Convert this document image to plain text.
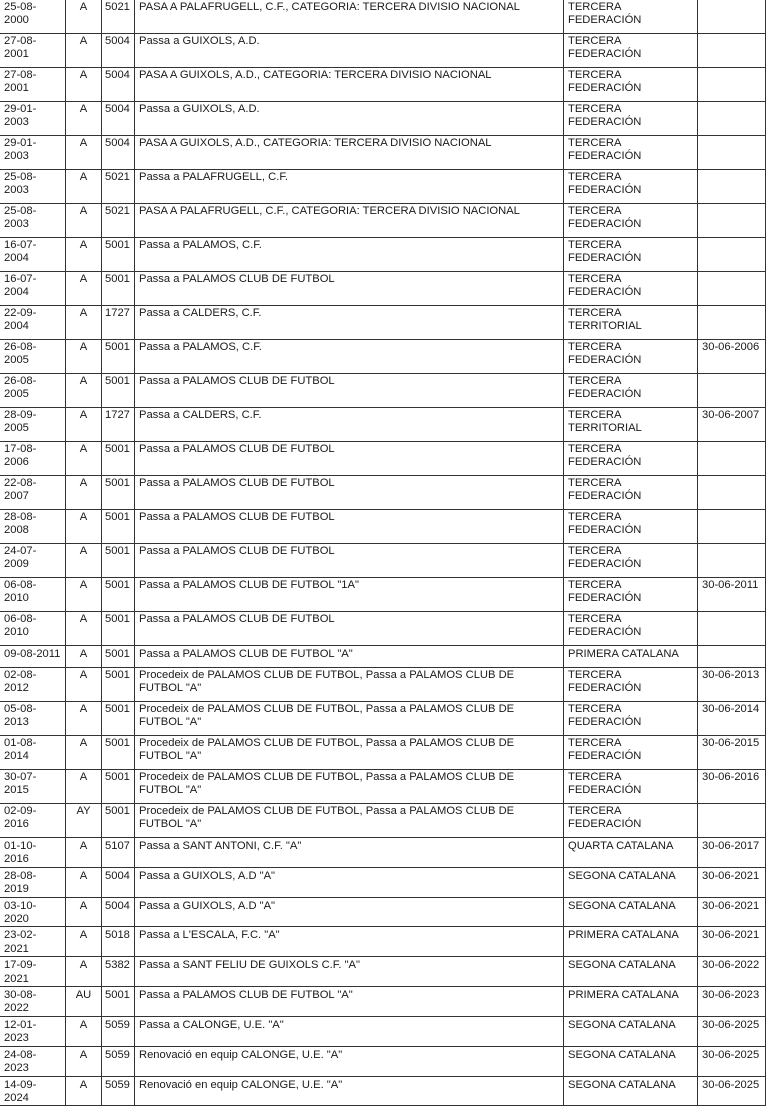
25-08-2000	A	5021	PASA A PALAFRUGELL, C.F., CATEGORIA: TERCERA DIVISIO NACIONAL	TERCERA FEDERACIÓN	
27-08-2001	A	5004	Passa a GUIXOLS, A.D.	TERCERA FEDERACIÓN	
27-08-2001	A	5004	PASA A GUIXOLS, A.D., CATEGORIA: TERCERA DIVISIO NACIONAL	TERCERA FEDERACIÓN	
29-01-2003	A	5004	Passa a GUIXOLS, A.D.	TERCERA FEDERACIÓN	
29-01-2003	A	5004	PASA A GUIXOLS, A.D., CATEGORIA: TERCERA DIVISIO NACIONAL	TERCERA FEDERACIÓN	
25-08-2003	A	5021	Passa a PALAFRUGELL, C.F.	TERCERA FEDERACIÓN	
25-08-2003	A	5021	PASA A PALAFRUGELL, C.F., CATEGORIA: TERCERA DIVISIO NACIONAL	TERCERA FEDERACIÓN	
16-07-2004	A	5001	Passa a PALAMOS, C.F.	TERCERA FEDERACIÓN	
16-07-2004	A	5001	Passa a PALAMOS CLUB DE FUTBOL	TERCERA FEDERACIÓN	
22-09-2004	A	1727	Passa a CALDERS, C.F.	TERCERA TERRITORIAL	
26-08-2005	A	5001	Passa a PALAMOS, C.F.	TERCERA FEDERACIÓN	30-06-2006
26-08-2005	A	5001	Passa a PALAMOS CLUB DE FUTBOL	TERCERA FEDERACIÓN	
28-09-2005	A	1727	Passa a CALDERS, C.F.	TERCERA TERRITORIAL	30-06-2007
17-08-2006	A	5001	Passa a PALAMOS CLUB DE FUTBOL	TERCERA FEDERACIÓN	
22-08-2007	A	5001	Passa a PALAMOS CLUB DE FUTBOL	TERCERA FEDERACIÓN	
28-08-2008	A	5001	Passa a PALAMOS CLUB DE FUTBOL	TERCERA FEDERACIÓN	
24-07-2009	A	5001	Passa a PALAMOS CLUB DE FUTBOL	TERCERA FEDERACIÓN	
06-08-2010	A	5001	Passa a PALAMOS CLUB DE FUTBOL "1A"	TERCERA FEDERACIÓN	30-06-2011
06-08-2010	A	5001	Passa a PALAMOS CLUB DE FUTBOL	TERCERA FEDERACIÓN	
09-08-2011	A	5001	Passa a PALAMOS CLUB DE FUTBOL "A"	PRIMERA CATALANA	
02-08-2012	A	5001	Procedeix de PALAMOS CLUB DE FUTBOL, Passa a PALAMOS CLUB DE FUTBOL "A"	TERCERA FEDERACIÓN	30-06-2013
05-08-2013	A	5001	Procedeix de PALAMOS CLUB DE FUTBOL, Passa a PALAMOS CLUB DE FUTBOL "A"	TERCERA FEDERACIÓN	30-06-2014
01-08-2014	A	5001	Procedeix de PALAMOS CLUB DE FUTBOL, Passa a PALAMOS CLUB DE FUTBOL "A"	TERCERA FEDERACIÓN	30-06-2015
30-07-2015	A	5001	Procedeix de PALAMOS CLUB DE FUTBOL, Passa a PALAMOS CLUB DE FUTBOL "A"	TERCERA FEDERACIÓN	30-06-2016
02-09-2016	AY	5001	Procedeix de PALAMOS CLUB DE FUTBOL, Passa a PALAMOS CLUB DE FUTBOL "A"	TERCERA FEDERACIÓN	
01-10-2016	A	5107	Passa a SANT ANTONI, C.F. "A"	QUARTA CATALANA	30-06-2017
28-08-2019	A	5004	Passa a GUIXOLS, A.D "A"	SEGONA CATALANA	30-06-2021
03-10-2020	A	5004	Passa a GUIXOLS, A.D "A"	SEGONA CATALANA	30-06-2021
23-02-2021	A	5018	Passa a L'ESCALA, F.C. "A"	PRIMERA CATALANA	30-06-2021
17-09-2021	A	5382	Passa a SANT FELIU DE GUIXOLS C.F. "A"	SEGONA CATALANA	30-06-2022
30-08-2022	AU	5001	Passa a PALAMOS CLUB DE FUTBOL "A"	PRIMERA CATALANA	30-06-2023
12-01-2023	A	5059	Passa a CALONGE, U.E. "A"	SEGONA CATALANA	30-06-2025
24-08-2023	A	5059	Renovació en equip CALONGE, U.E. "A"	SEGONA CATALANA	30-06-2025
14-09-2024	A	5059	Renovació en equip CALONGE, U.E. "A"	SEGONA CATALANA	30-06-2025
